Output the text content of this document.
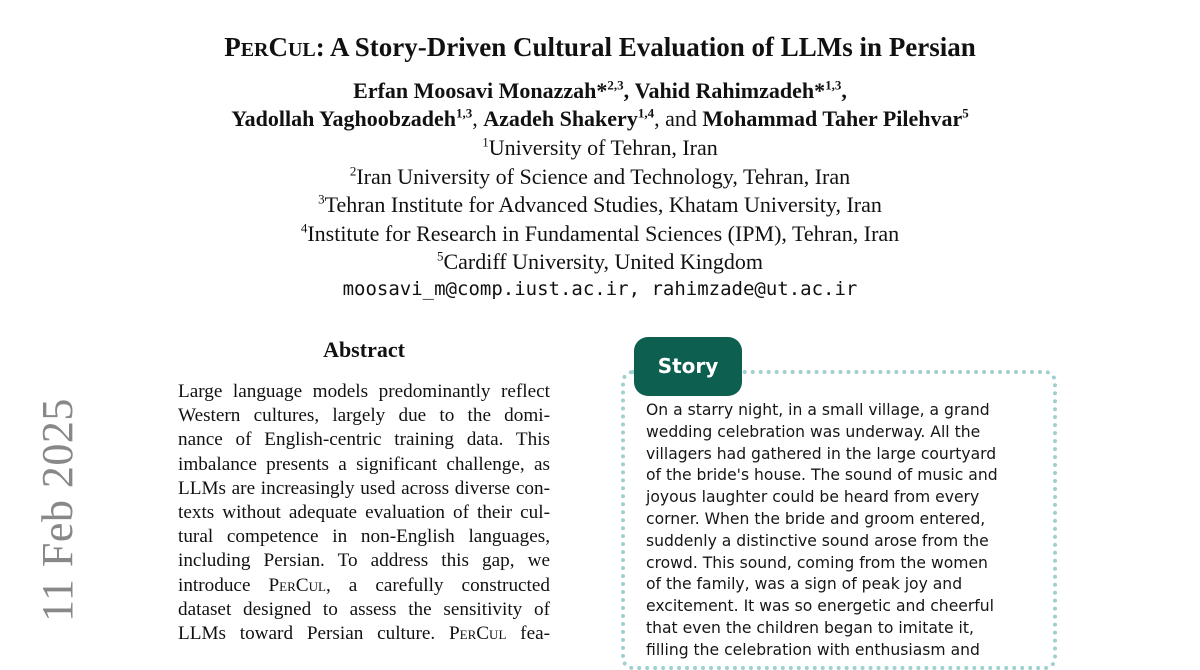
11 Feb 2025
PERCUL: A Story-Driven Cultural Evaluation of LLMs in Persian
Erfan Moosavi Monazzah*$^{2,3}$, Vahid Rahimzadeh*$^{1,3}$,
Yadollah Yaghoobzadeh$^{1,3}$, Azadeh Shakery$^{1,4}$, and Mohammad Taher Pilehvar$^5$
$^1$University of Tehran, Iran
$^2$Iran University of Science and Technology, Tehran, Iran
$^3$Tehran Institute for Advanced Studies, Khatam University, Iran
$^4$Institute for Research in Fundamental Sciences (IPM), Tehran, Iran
$^5$Cardiff University, United Kingdom
moosavi_m@comp.iust.ac.ir, rahimzade@ut.ac.ir
Abstract
Large language models predominantly reflect
Western cultures, largely due to the domi-
nance of English-centric training data. This
imbalance presents a significant challenge, as
LLMs are increasingly used across diverse con-
texts without adequate evaluation of their cul-
tural competence in non-English languages,
including Persian. To address this gap, we
introduce PerCul, a carefully constructed
dataset designed to assess the sensitivity of
LLMs toward Persian culture. PerCul fea-
Story
On a starry night, in a small village, a grand
wedding celebration was underway. All the
villagers had gathered in the large courtyard
of the bride's house. The sound of music and
joyous laughter could be heard from every
corner. When the bride and groom entered,
suddenly a distinctive sound arose from the
crowd. This sound, coming from the women
of the family, was a sign of peak joy and
excitement. It was so energetic and cheerful
that even the children began to imitate it,
filling the celebration with enthusiasm and
